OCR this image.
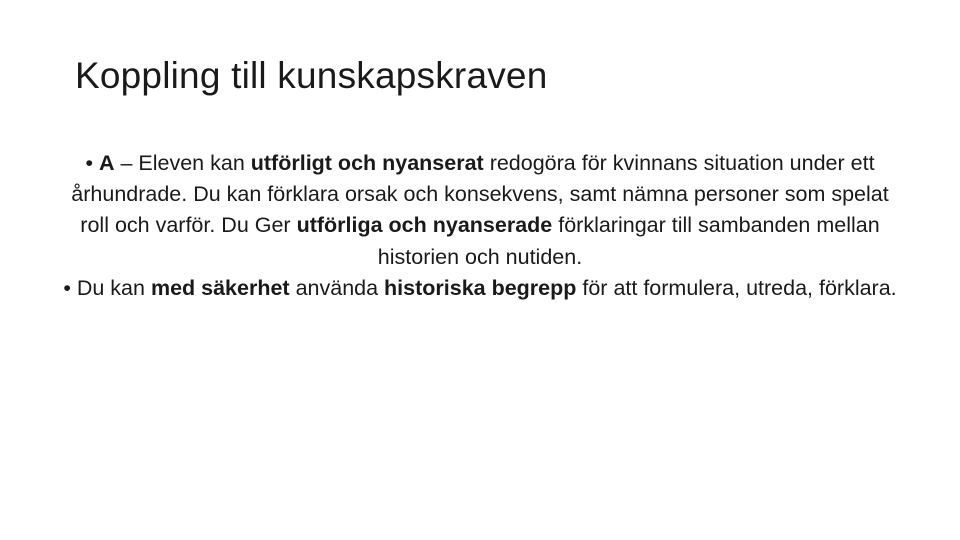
Koppling till kunskapskraven

• A – Eleven kan utförligt och nyanserat redogöra för kvinnans situation under ett århundrade. Du kan förklara orsak och konsekvens, samt nämna personer som spelat roll och varför. Du Ger utförliga och nyanserade förklaringar till sambanden mellan historien och nutiden.

• Du kan med säkerhet använda historiska begrepp för att formulera, utreda, förklara.
